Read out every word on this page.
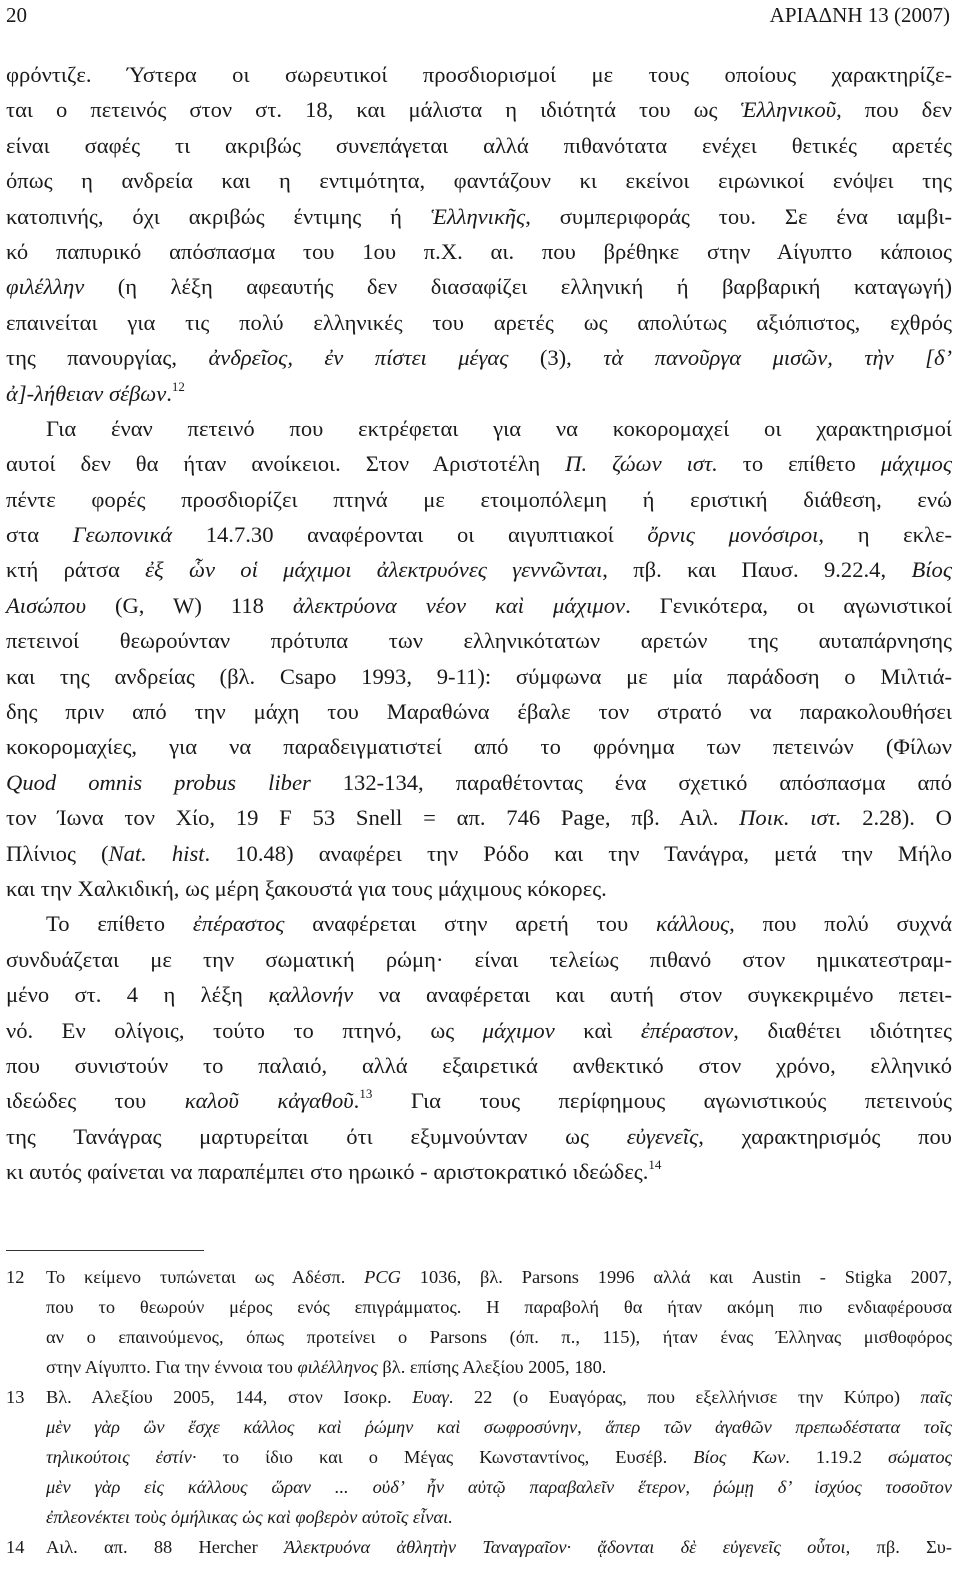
20	ΑΡΙΑΔΝΗ 13 (2007)
φρόντιζε. Ύστερα οι σωρευτικοί προσδιορισμοί με τους οποίους χαρακτηρίζε-
ται ο πετεινός στον στ. 18, και μάλιστα η ιδιότητά του ως Ἑλληνικοῦ, που δεν
είναι σαφές τι ακριβώς συνεπάγεται αλλά πιθανότατα ενέχει θετικές αρετές
όπως η ανδρεία και η εντιμότητα, φαντάζουν κι εκείνοι ειρωνικοί ενόψει της
κατοπινής, όχι ακριβώς έντιμης ή Ἑλληνικῆς, συμπεριφοράς του. Σε ένα ιαμβι-
κό παπυρικό απόσπασμα του 1ου π.Χ. αι. που βρέθηκε στην Αίγυπτο κάποιος
φιλέλλην (η λέξη αφεαυτής δεν διασαφίζει ελληνική ή βαρβαρική καταγωγή)
επαινείται για τις πολύ ελληνικές του αρετές ως απολύτως αξιόπιστος, εχθρός
της πανουργίας, ἀνδρεῖος, ἐν πίστει μέγας (3), τὰ πανοῦργα μισῶν, τὴν [δ’
ἀ]-λήθειαν σέβων.$^{12}$
Για έναν πετεινό που εκτρέφεται για να κοκορομαχεί οι χαρακτηρισμοί
αυτοί δεν θα ήταν ανοίκειοι. Στον Αριστοτέλη Π. ζώων ιστ. το επίθετο μάχιμος
πέντε φορές προσδιορίζει πτηνά με ετοιμοπόλεμη ή εριστική διάθεση, ενώ
στα Γεωπονικά 14.7.30 αναφέρονται οι αιγυπτιακοί ὄρνις μονόσιροι, η εκλε-
κτή ράτσα ἐξ ὧν οἱ μάχιμοι ἀλεκτρυόνες γεννῶνται, πβ. και Παυσ. 9.22.4, Βίος
Αισώπου (G, W) 118 ἀλεκτρύονα νέον καὶ μάχιμον. Γενικότερα, οι αγωνιστικοί
πετεινοί θεωρούνταν πρότυπα των ελληνικότατων αρετών της αυταπάρνησης
και της ανδρείας (βλ. Csapo 1993, 9-11): σύμφωνα με μία παράδοση ο Μιλτιά-
δης πριν από την μάχη του Μαραθώνα έβαλε τον στρατό να παρακολουθήσει
κοκορομαχίες, για να παραδειγματιστεί από το φρόνημα των πετεινών (Φίλων
Quod omnis probus liber 132-134, παραθέτοντας ένα σχετικό απόσπασμα από
τον Ίωνα τον Χίο, 19 F 53 Snell = απ. 746 Page, πβ. Αιλ. Ποικ. ιστ. 2.28). Ο
Πλίνιος (Nat. hist. 10.48) αναφέρει την Ρόδο και την Τανάγρα, μετά την Μήλο
και την Χαλκιδική, ως μέρη ξακουστά για τους μάχιμους κόκορες.
Το επίθετο ἐπέραστος αναφέρεται στην αρετή του κάλλους, που πολύ συχνά
συνδυάζεται με την σωματική ρώμη· είναι τελείως πιθανό στον ημικατεστραμ-
μένο στ. 4 η λέξη κ̣αλλονήν να αναφέρεται και αυτή στον συγκεκριμένο πετει-
νό. Εν ολίγοις, τούτο το πτηνό, ως μάχιμον καὶ ἐπέραστον, διαθέτει ιδιότητες
που συνιστούν το παλαιό, αλλά εξαιρετικά ανθεκτικό στον χρόνο, ελληνικό
ιδεώδες του καλοῦ κἀγαθοῦ.$^{13}$ Για τους περίφημους αγωνιστικούς πετεινούς
της Τανάγρας μαρτυρείται ότι εξυμνούνταν ως εὐγενεῖς, χαρακτηρισμός που
κι αυτός φαίνεται να παραπέμπει στο ηρωικό - αριστοκρατικό ιδεώδες.$^{14}$
12 Το κείμενο τυπώνεται ως Αδέσπ. PCG 1036, βλ. Parsons 1996 αλλά και Austin - Stigka 2007,
που το θεωρούν μέρος ενός επιγράμματος. Η παραβολή θα ήταν ακόμη πιο ενδιαφέρουσα
αν ο επαινούμενος, όπως προτείνει ο Parsons (όπ. π., 115), ήταν ένας Έλληνας μισθοφόρος
στην Αίγυπτο. Για την έννοια του φιλέλληνος βλ. επίσης Αλεξίου 2005, 180.
13 Βλ. Αλεξίου 2005, 144, στον Ισοκρ. Ευαγ. 22 (ο Ευαγόρας, που εξελλήνισε την Κύπρο) παῖς
μὲν γὰρ ὢν ἔσχε κάλλος καὶ ῥώμην καὶ σωφροσύνην, ἅπερ τῶν ἀγαθῶν πρεπωδέστατα τοῖς
τηλικούτοις ἐστίν· το ίδιο και ο Μέγας Κωνσταντίνος, Ευσέβ. Βίος Κων. 1.19.2 σώματος
μὲν γὰρ εἰς κάλλους ὥραν ... οὐδ’ ἦν αὐτῷ παραβαλεῖν ἕτερον, ῥώμῃ δ’ ἰσχύος τοσοῦτον
ἐπλεονέκτει τοὺς ὁμήλικας ὡς καὶ φοβερὸν αὐτοῖς εἶναι.
14 Αιλ. απ. 88 Hercher Ἀλεκτρυόνα ἀθλητὴν Ταναγραῖον· ᾄδονται δὲ εὐγενεῖς οὗτοι, πβ. Συ-
